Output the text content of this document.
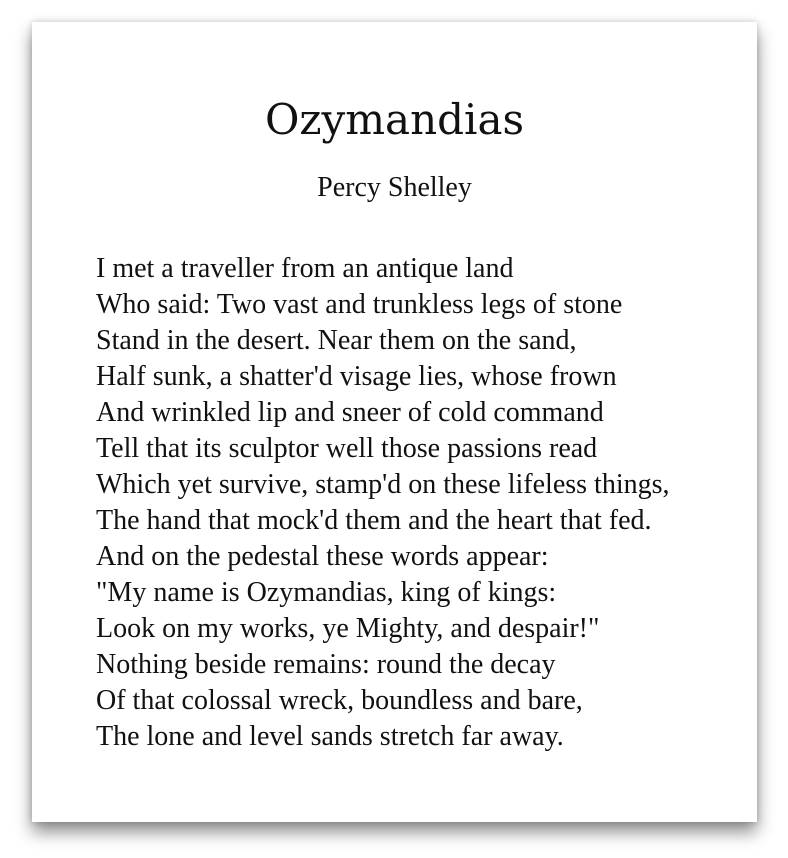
Ozymandias
Percy Shelley
I met a traveller from an antique land
Who said: Two vast and trunkless legs of stone
Stand in the desert. Near them on the sand,
Half sunk, a shatter'd visage lies, whose frown
And wrinkled lip and sneer of cold command
Tell that its sculptor well those passions read
Which yet survive, stamp'd on these lifeless things,
The hand that mock'd them and the heart that fed.
And on the pedestal these words appear:
"My name is Ozymandias, king of kings:
Look on my works, ye Mighty, and despair!"
Nothing beside remains: round the decay
Of that colossal wreck, boundless and bare,
The lone and level sands stretch far away.
